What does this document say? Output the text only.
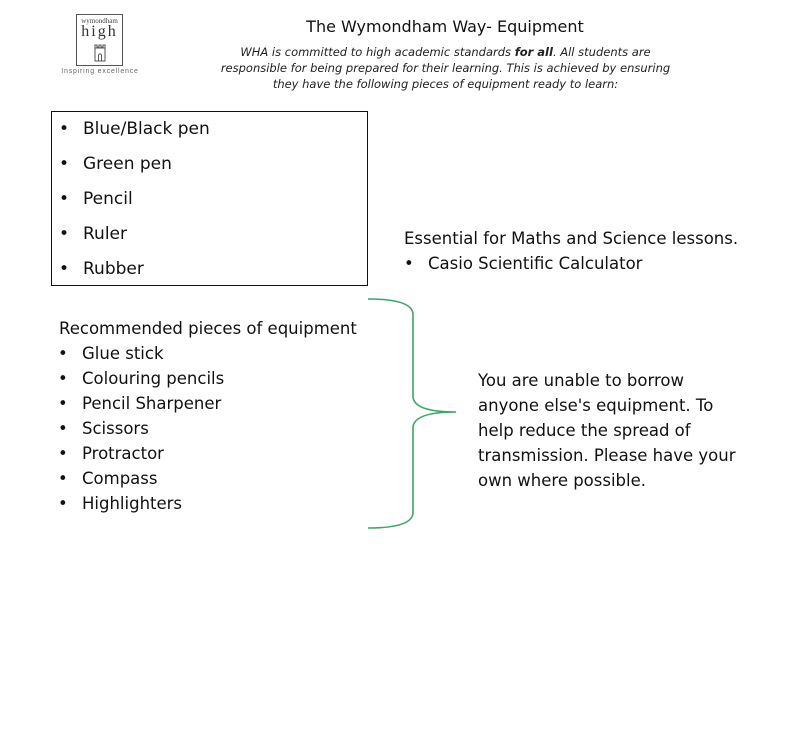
wymondham
high
Inspiring excellence
The Wymondham Way- Equipment
WHA is committed to high academic standards for all. All students are responsible for being prepared for their learning. This is achieved by ensuring they have the following pieces of equipment ready to learn:
• Blue/Black pen
• Green pen
• Pencil
• Ruler
• Rubber
Essential for Maths and Science lessons.
• Casio Scientific Calculator
Recommended pieces of equipment
• Glue stick
• Colouring pencils
• Pencil Sharpener
• Scissors
• Protractor
• Compass
• Highlighters
You are unable to borrow anyone else's equipment. To help reduce the spread of transmission. Please have your own where possible.
